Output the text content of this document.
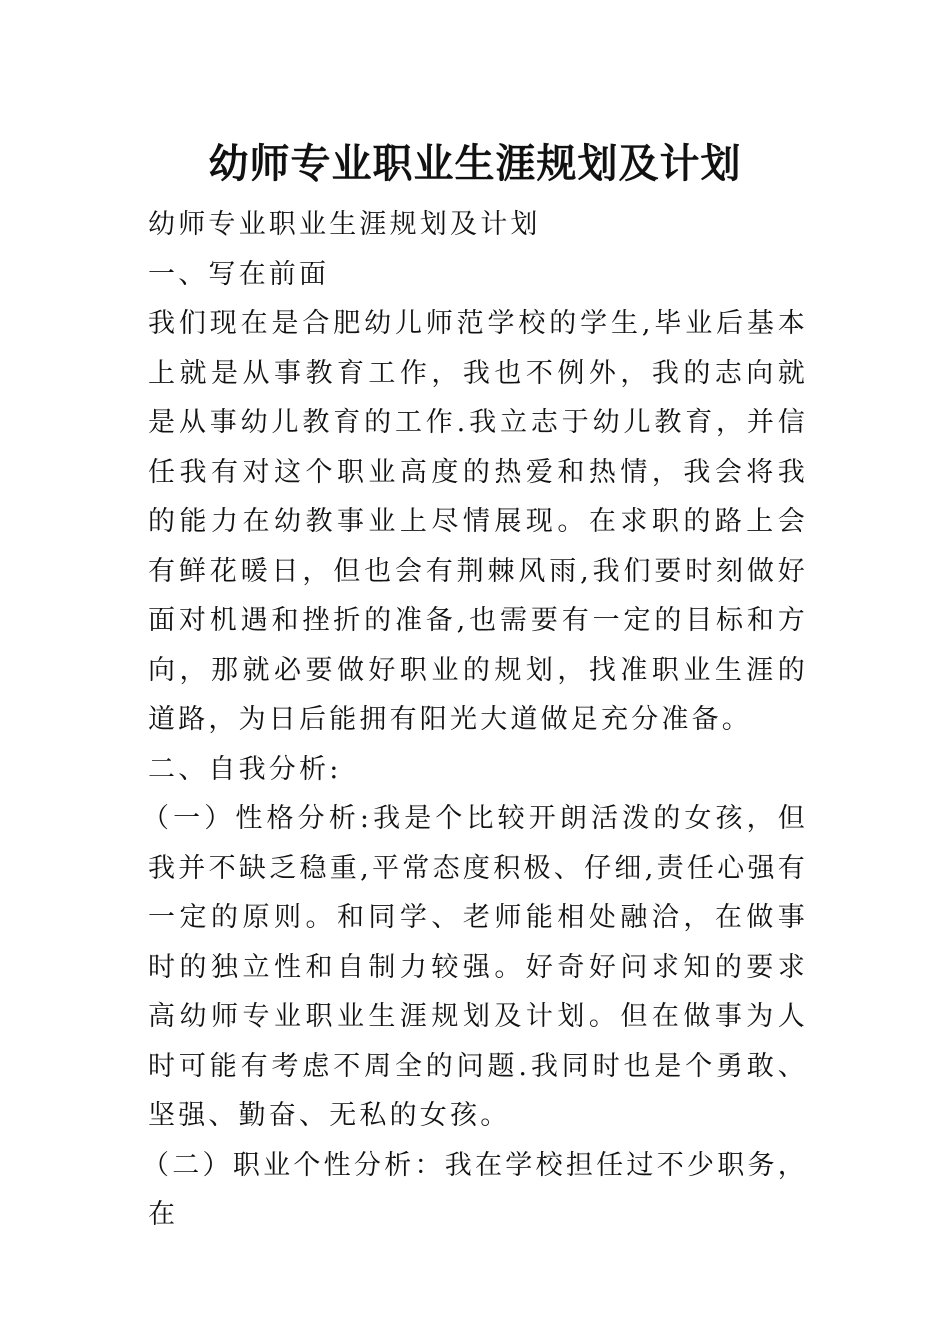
幼师专业职业生涯规划及计划

幼师专业职业生涯规划及计划

一、写在前面

我们现在是合肥幼儿师范学校的学生,毕业后基本上就是从事教育工作，我也不例外，我的志向就是从事幼儿教育的工作.我立志于幼儿教育，并信任我有对这个职业高度的热爱和热情，我会将我的能力在幼教事业上尽情展现。在求职的路上会有鲜花暖日，但也会有荆棘风雨,我们要时刻做好面对机遇和挫折的准备,也需要有一定的目标和方向，那就必要做好职业的规划，找准职业生涯的道路，为日后能拥有阳光大道做足充分准备。

二、自我分析:

（一）性格分析:我是个比较开朗活泼的女孩，但我并不缺乏稳重,平常态度积极、仔细,责任心强有一定的原则。和同学、老师能相处融洽，在做事时的独立性和自制力较强。好奇好问求知的要求高幼师专业职业生涯规划及计划。但在做事为人时可能有考虑不周全的问题.我同时也是个勇敢、坚强、勤奋、无私的女孩。

（二）职业个性分析：我在学校担任过不少职务，在
